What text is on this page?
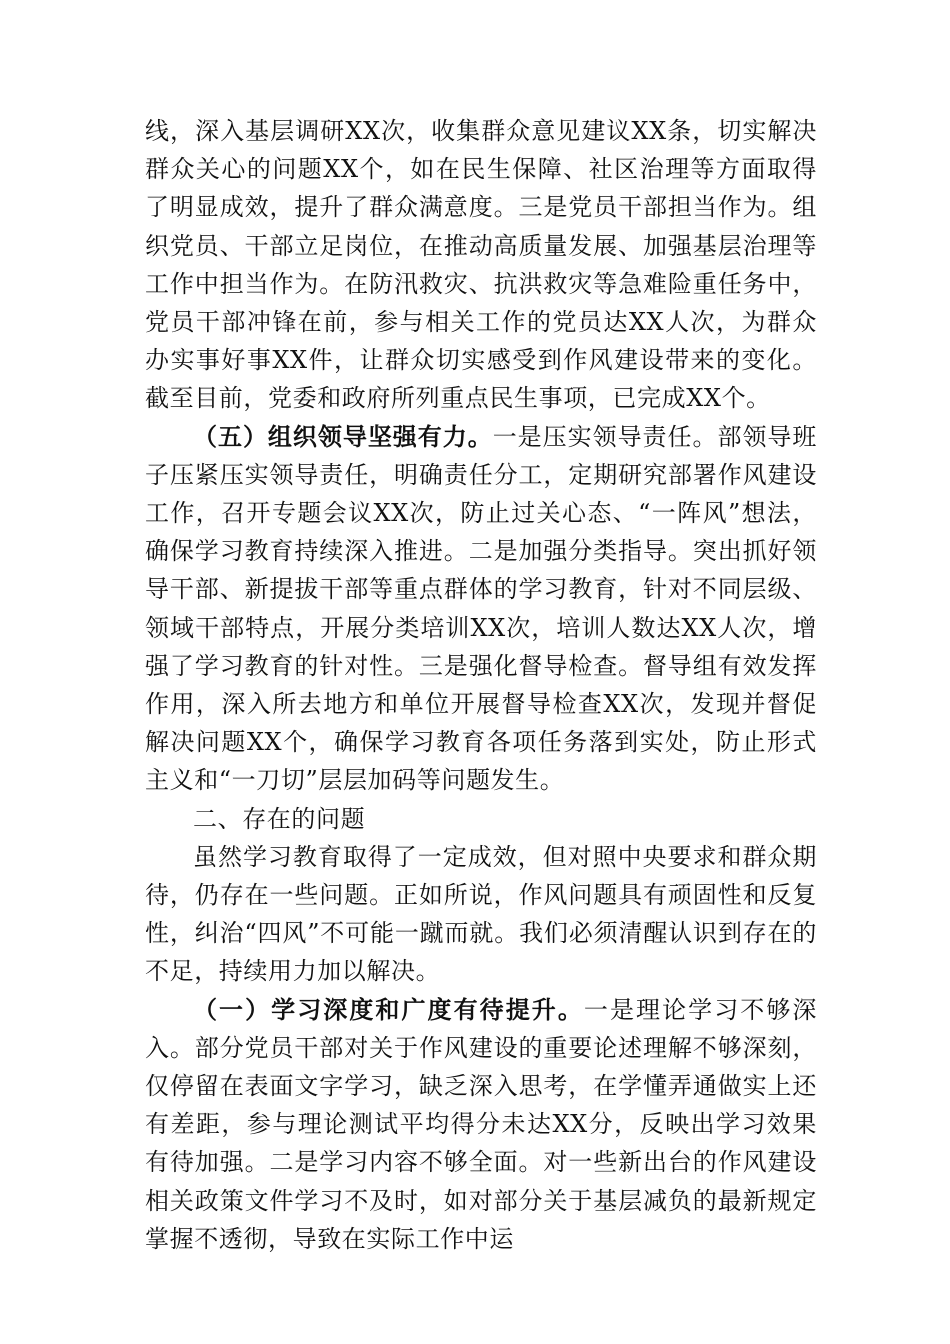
线，深入基层调研XX次，收集群众意见建议XX条，切实解决群众关心的问题XX个，如在民生保障、社区治理等方面取得了明显成效，提升了群众满意度。三是党员干部担当作为。组织党员、干部立足岗位，在推动高质量发展、加强基层治理等工作中担当作为。在防汛救灾、抗洪救灾等急难险重任务中，党员干部冲锋在前，参与相关工作的党员达XX人次，为群众办实事好事XX件，让群众切实感受到作风建设带来的变化。截至目前，党委和政府所列重点民生事项，已完成XX个。

（五）组织领导坚强有力。一是压实领导责任。部领导班子压紧压实领导责任，明确责任分工，定期研究部署作风建设工作，召开专题会议XX次，防止过关心态、“一阵风”想法，确保学习教育持续深入推进。二是加强分类指导。突出抓好领导干部、新提拔干部等重点群体的学习教育，针对不同层级、领域干部特点，开展分类培训XX次，培训人数达XX人次，增强了学习教育的针对性。三是强化督导检查。督导组有效发挥作用，深入所去地方和单位开展督导检查XX次，发现并督促解决问题XX个，确保学习教育各项任务落到实处，防止形式主义和“一刀切”层层加码等问题发生。

二、存在的问题

虽然学习教育取得了一定成效，但对照中央要求和群众期待，仍存在一些问题。正如所说，作风问题具有顽固性和反复性，纠治“四风”不可能一蹴而就。我们必须清醒认识到存在的不足，持续用力加以解决。

（一）学习深度和广度有待提升。一是理论学习不够深入。部分党员干部对关于作风建设的重要论述理解不够深刻，仅停留在表面文字学习，缺乏深入思考，在学懂弄通做实上还有差距，参与理论测试平均得分未达XX分，反映出学习效果有待加强。二是学习内容不够全面。对一些新出台的作风建设相关政策文件学习不及时，如对部分关于基层减负的最新规定掌握不透彻，导致在实际工作中运
